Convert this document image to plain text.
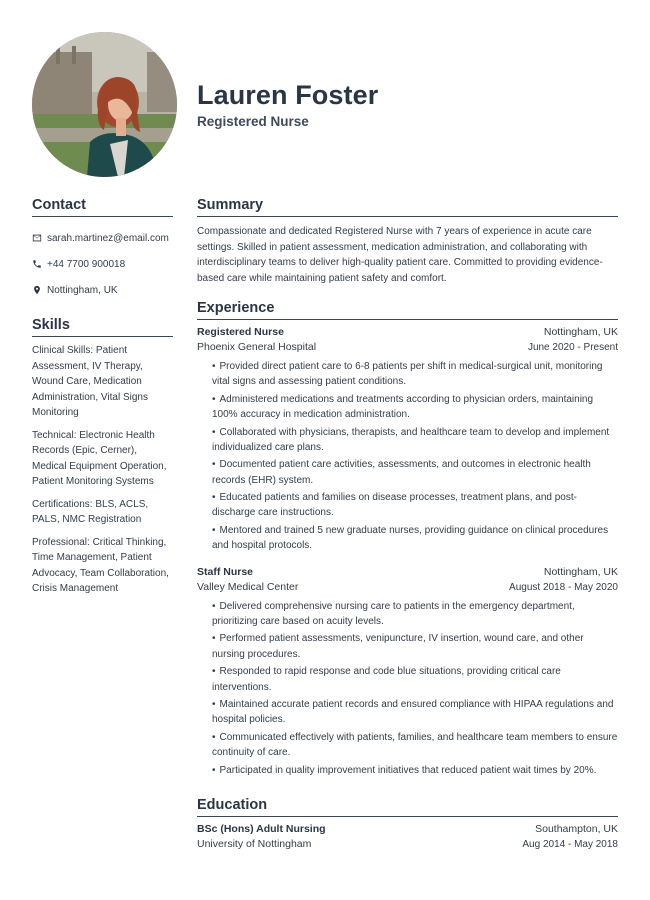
Lauren Foster
Registered Nurse
Contact
sarah.martinez@email.com
+44 7700 900018
Nottingham, UK
Skills
Clinical Skills: Patient Assessment, IV Therapy, Wound Care, Medication Administration, Vital Signs Monitoring
Technical: Electronic Health Records (Epic, Cerner), Medical Equipment Operation, Patient Monitoring Systems
Certifications: BLS, ACLS, PALS, NMC Registration
Professional: Critical Thinking, Time Management, Patient Advocacy, Team Collaboration, Crisis Management
Summary
Compassionate and dedicated Registered Nurse with 7 years of experience in acute care settings. Skilled in patient assessment, medication administration, and collaborating with interdisciplinary teams to deliver high-quality patient care. Committed to providing evidence-based care while maintaining patient safety and comfort.
Experience
Registered Nurse	Nottingham, UK
Phoenix General Hospital	June 2020 - Present
• Provided direct patient care to 6-8 patients per shift in medical-surgical unit, monitoring vital signs and assessing patient conditions.
• Administered medications and treatments according to physician orders, maintaining 100% accuracy in medication administration.
• Collaborated with physicians, therapists, and healthcare team to develop and implement individualized care plans.
• Documented patient care activities, assessments, and outcomes in electronic health records (EHR) system.
• Educated patients and families on disease processes, treatment plans, and post-discharge care instructions.
• Mentored and trained 5 new graduate nurses, providing guidance on clinical procedures and hospital protocols.
Staff Nurse	Nottingham, UK
Valley Medical Center	August 2018 - May 2020
• Delivered comprehensive nursing care to patients in the emergency department, prioritizing care based on acuity levels.
• Performed patient assessments, venipuncture, IV insertion, wound care, and other nursing procedures.
• Responded to rapid response and code blue situations, providing critical care interventions.
• Maintained accurate patient records and ensured compliance with HIPAA regulations and hospital policies.
• Communicated effectively with patients, families, and healthcare team members to ensure continuity of care.
• Participated in quality improvement initiatives that reduced patient wait times by 20%.
Education
BSc (Hons) Adult Nursing	Southampton, UK
University of Nottingham	Aug 2014 - May 2018
